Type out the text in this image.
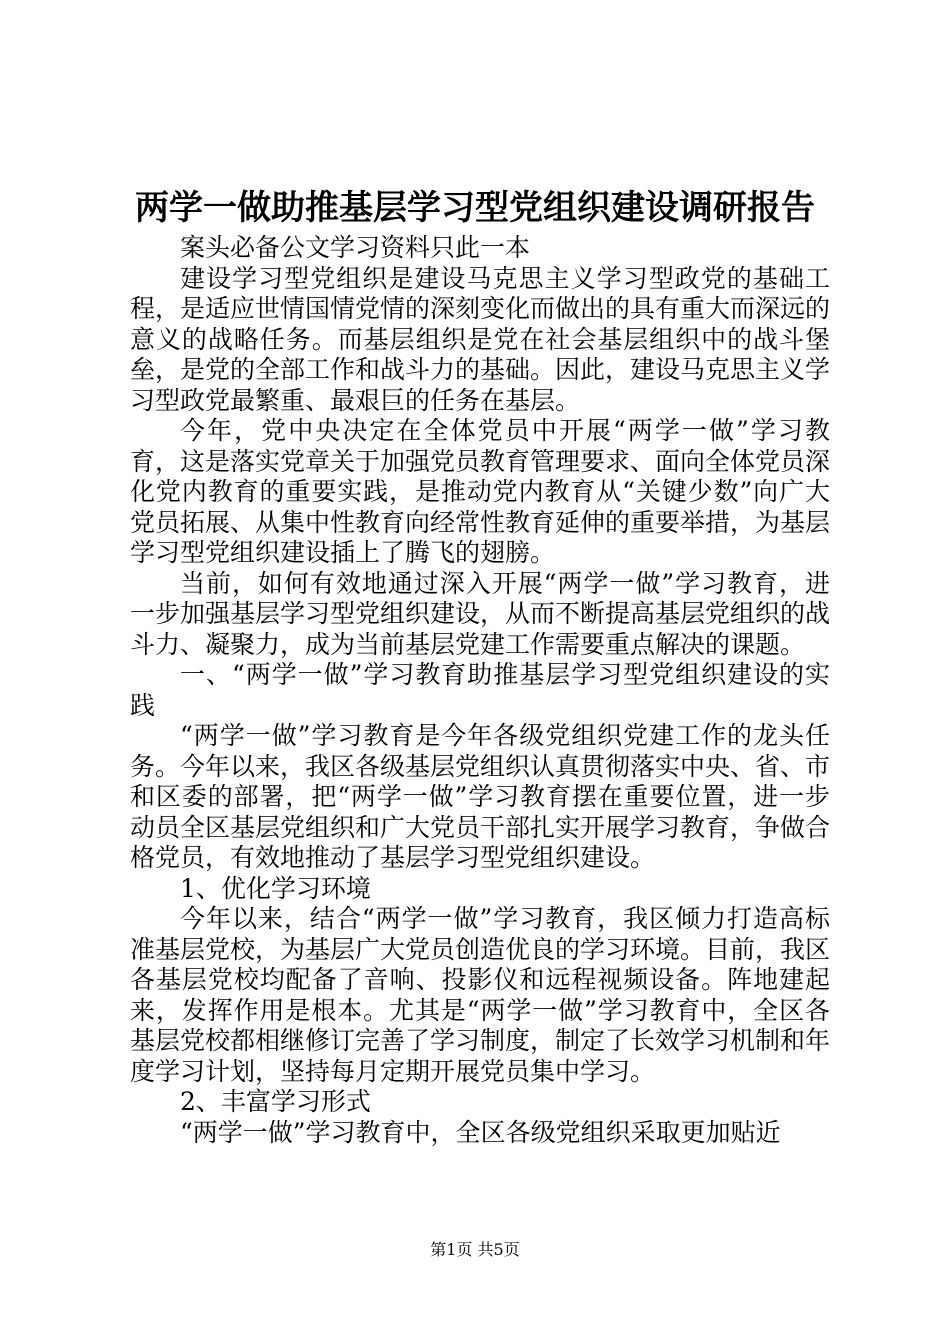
两学一做助推基层学习型党组织建设调研报告

案头必备公文学习资料只此一本

建设学习型党组织是建设马克思主义学习型政党的基础工程，是适应世情国情党情的深刻变化而做出的具有重大而深远的意义的战略任务。而基层组织是党在社会基层组织中的战斗堡垒，是党的全部工作和战斗力的基础。因此，建设马克思主义学习型政党最繁重、最艰巨的任务在基层。

今年，党中央决定在全体党员中开展“两学一做”学习教育，这是落实党章关于加强党员教育管理要求、面向全体党员深化党内教育的重要实践，是推动党内教育从“关键少数”向广大党员拓展、从集中性教育向经常性教育延伸的重要举措，为基层学习型党组织建设插上了腾飞的翅膀。

当前，如何有效地通过深入开展“两学一做”学习教育，进一步加强基层学习型党组织建设，从而不断提高基层党组织的战斗力、凝聚力，成为当前基层党建工作需要重点解决的课题。

一、“两学一做”学习教育助推基层学习型党组织建设的实践

“两学一做”学习教育是今年各级党组织党建工作的龙头任务。今年以来，我区各级基层党组织认真贯彻落实中央、省、市和区委的部署，把“两学一做”学习教育摆在重要位置，进一步动员全区基层党组织和广大党员干部扎实开展学习教育，争做合格党员，有效地推动了基层学习型党组织建设。

1、优化学习环境

今年以来，结合“两学一做”学习教育，我区倾力打造高标准基层党校，为基层广大党员创造优良的学习环境。目前，我区各基层党校均配备了音响、投影仪和远程视频设备。阵地建起来，发挥作用是根本。尤其是“两学一做”学习教育中，全区各基层党校都相继修订完善了学习制度，制定了长效学习机制和年度学习计划，坚持每月定期开展党员集中学习。

2、丰富学习形式

“两学一做”学习教育中，全区各级党组织采取更加贴近

第1页 共5页
